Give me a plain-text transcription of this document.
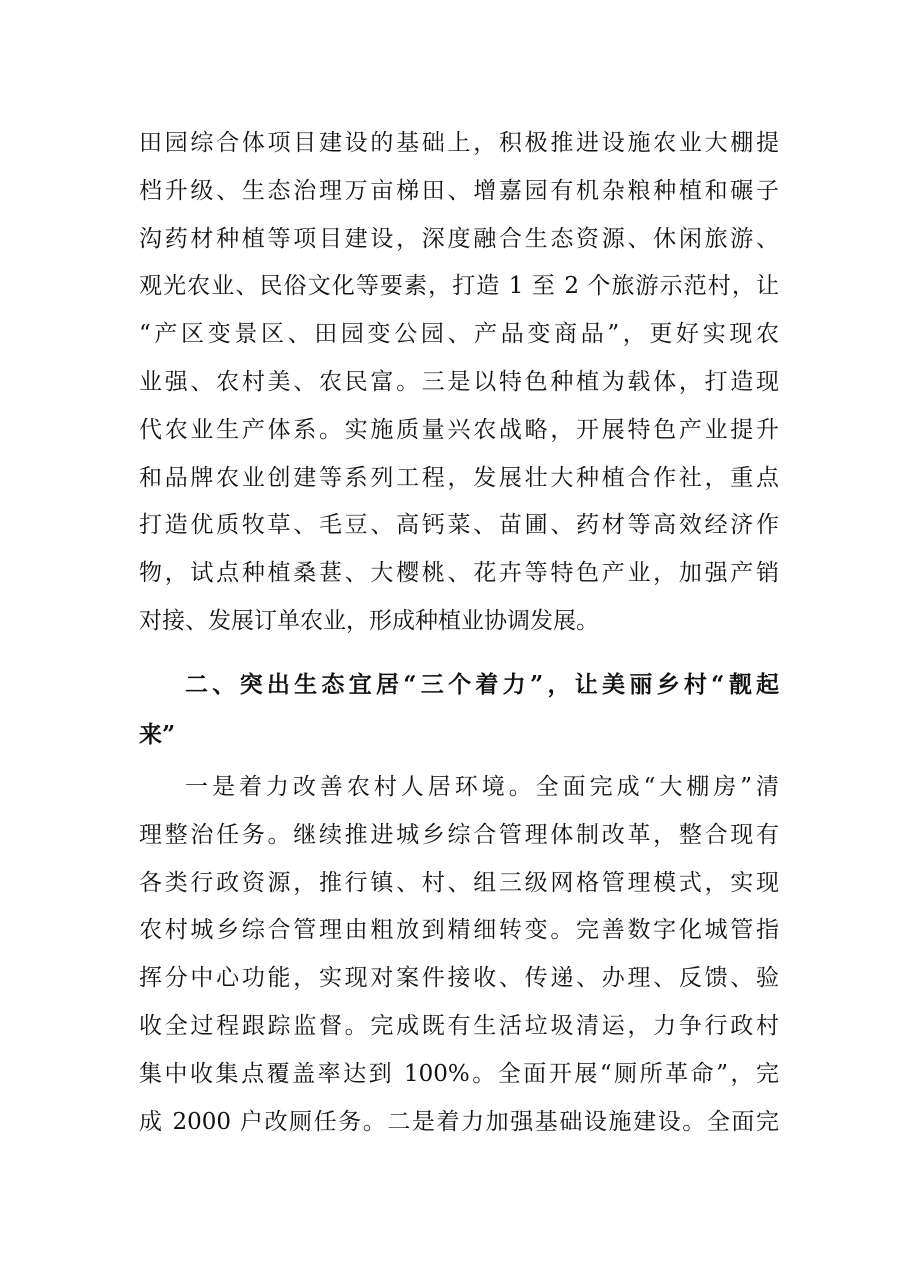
田园综合体项目建设的基础上，积极推进设施农业大棚提
档升级、生态治理万亩梯田、增嘉园有机杂粮种植和碾子
沟药材种植等项目建设，深度融合生态资源、休闲旅游、
观光农业、民俗文化等要素，打造 1 至 2 个旅游示范村，让
“产区变景区、田园变公园、产品变商品”，更好实现农
业强、农村美、农民富。三是以特色种植为载体，打造现
代农业生产体系。实施质量兴农战略，开展特色产业提升
和品牌农业创建等系列工程，发展壮大种植合作社，重点
打造优质牧草、毛豆、高钙菜、苗圃、药材等高效经济作
物，试点种植桑葚、大樱桃、花卉等特色产业，加强产销
对接、发展订单农业，形成种植业协调发展。
二、突出生态宜居“三个着力”，让美丽乡村“靓起
来”
一是着力改善农村人居环境。全面完成“大棚房”清
理整治任务。继续推进城乡综合管理体制改革，整合现有
各类行政资源，推行镇、村、组三级网格管理模式，实现
农村城乡综合管理由粗放到精细转变。完善数字化城管指
挥分中心功能，实现对案件接收、传递、办理、反馈、验
收全过程跟踪监督。完成既有生活垃圾清运，力争行政村
集中收集点覆盖率达到 100%。全面开展“厕所革命”，完
成 2000 户改厕任务。二是着力加强基础设施建设。全面完
